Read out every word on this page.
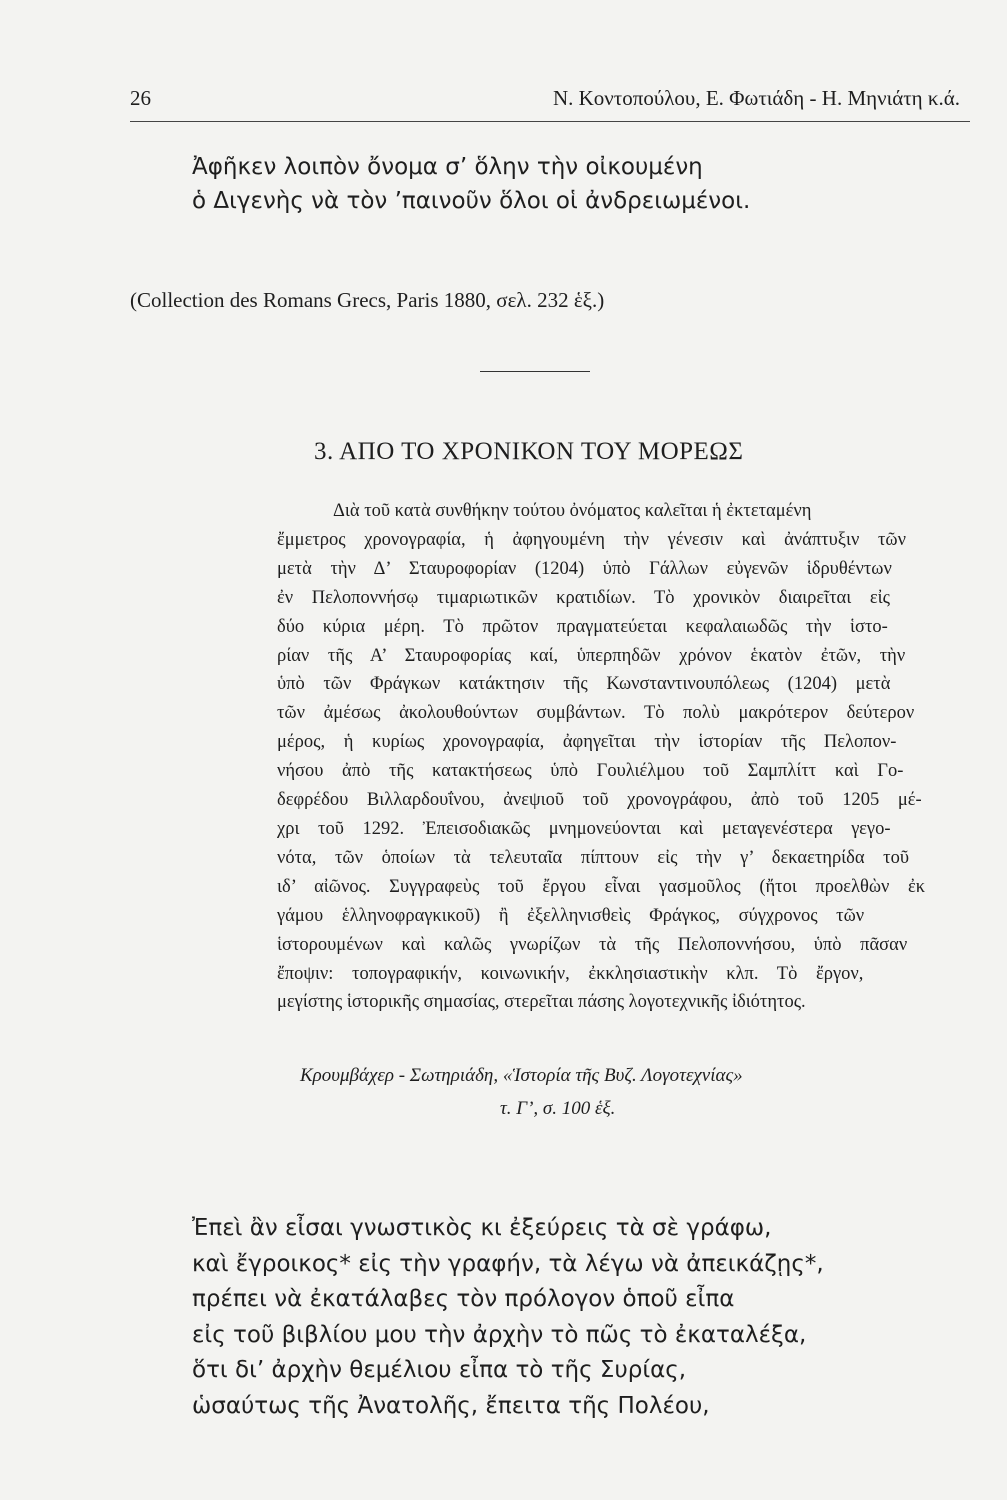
26	Ν. Κοντοπούλου, Ε. Φωτιάδη - Η. Μηνιάτη κ.ά.
Ἀφῆκεν λοιπὸν ὄνομα σ’ ὅλην τὴν οἰκουμένη
ὁ Διγενὴς νὰ τὸν ’παινοῦν ὅλοι οἱ ἀνδρειωμένοι.
(Collection des Romans Grecs, Paris 1880, σελ. 232 ἑξ.)
3. ΑΠΟ ΤΟ ΧΡΟΝΙΚΟΝ ΤΟΥ ΜΟΡΕΩΣ
Διὰ τοῦ κατὰ συνθήκην τούτου ὀνόματος καλεῖται ἡ ἐκτεταμένη
ἔμμετρος χρονογραφία, ἡ ἀφηγουμένη τὴν γένεσιν καὶ ἀνάπτυξιν τῶν
μετὰ τὴν Δ’ Σταυροφορίαν (1204) ὑπὸ Γάλλων εὐγενῶν ἱδρυθέντων
ἐν Πελοποννήσῳ τιμαριωτικῶν κρατιδίων. Τὸ χρονικὸν διαιρεῖται εἰς
δύο κύρια μέρη. Τὸ πρῶτον πραγματεύεται κεφαλαιωδῶς τὴν ἱστο-
ρίαν τῆς Α’ Σταυροφορίας καί, ὑπερπηδῶν χρόνον ἑκατὸν ἐτῶν, τὴν
ὑπὸ τῶν Φράγκων κατάκτησιν τῆς Κωνσταντινουπόλεως (1204) μετὰ
τῶν ἀμέσως ἀκολουθούντων συμβάντων. Τὸ πολὺ μακρότερον δεύτερον
μέρος, ἡ κυρίως χρονογραφία, ἀφηγεῖται τὴν ἱστορίαν τῆς Πελοπον-
νήσου ἀπὸ τῆς κατακτήσεως ὑπὸ Γουλιέλμου τοῦ Σαμπλίττ καὶ Γο-
δεφρέδου Βιλλαρδουΐνου, ἀνεψιοῦ τοῦ χρονογράφου, ἀπὸ τοῦ 1205 μέ-
χρι τοῦ 1292. Ἐπεισοδιακῶς μνημονεύονται καὶ μεταγενέστερα γεγο-
νότα, τῶν ὁποίων τὰ τελευταῖα πίπτουν εἰς τὴν γ’ δεκαετηρίδα τοῦ
ιδ’ αἰῶνος. Συγγραφεὺς τοῦ ἔργου εἶναι γασμοῦλος (ἤτοι προελθὼν ἐκ
γάμου ἑλληνοφραγκικοῦ) ἢ ἐξελληνισθεὶς Φράγκος, σύγχρονος τῶν
ἱστορουμένων καὶ καλῶς γνωρίζων τὰ τῆς Πελοποννήσου, ὑπὸ πᾶσαν
ἔποψιν: τοπογραφικήν, κοινωνικήν, ἐκκλησιαστικὴν κλπ. Τὸ ἔργον,
μεγίστης ἱστορικῆς σημασίας, στερεῖται πάσης λογοτεχνικῆς ἰδιότητος.
Κρουμβάχερ - Σωτηριάδη, «Ἱστορία τῆς Βυζ. Λογοτεχνίας»
τ. Γ’, σ. 100 ἑξ.
Ἐπεὶ ἂν εἶσαι γνωστικὸς κι ἐξεύρεις τὰ σὲ γράφω,
καὶ ἔγροικος* εἰς τὴν γραφήν, τὰ λέγω νὰ ἀπεικάζῃς*,
πρέπει νὰ ἐκατάλαβες τὸν πρόλογον ὁποῦ εἶπα
εἰς τοῦ βιβλίου μου τὴν ἀρχὴν τὸ πῶς τὸ ἐκαταλέξα,
ὅτι δι’ ἀρχὴν θεμέλιου εἶπα τὸ τῆς Συρίας,
ὡσαύτως τῆς Ἀνατολῆς, ἔπειτα τῆς Πολέου,
